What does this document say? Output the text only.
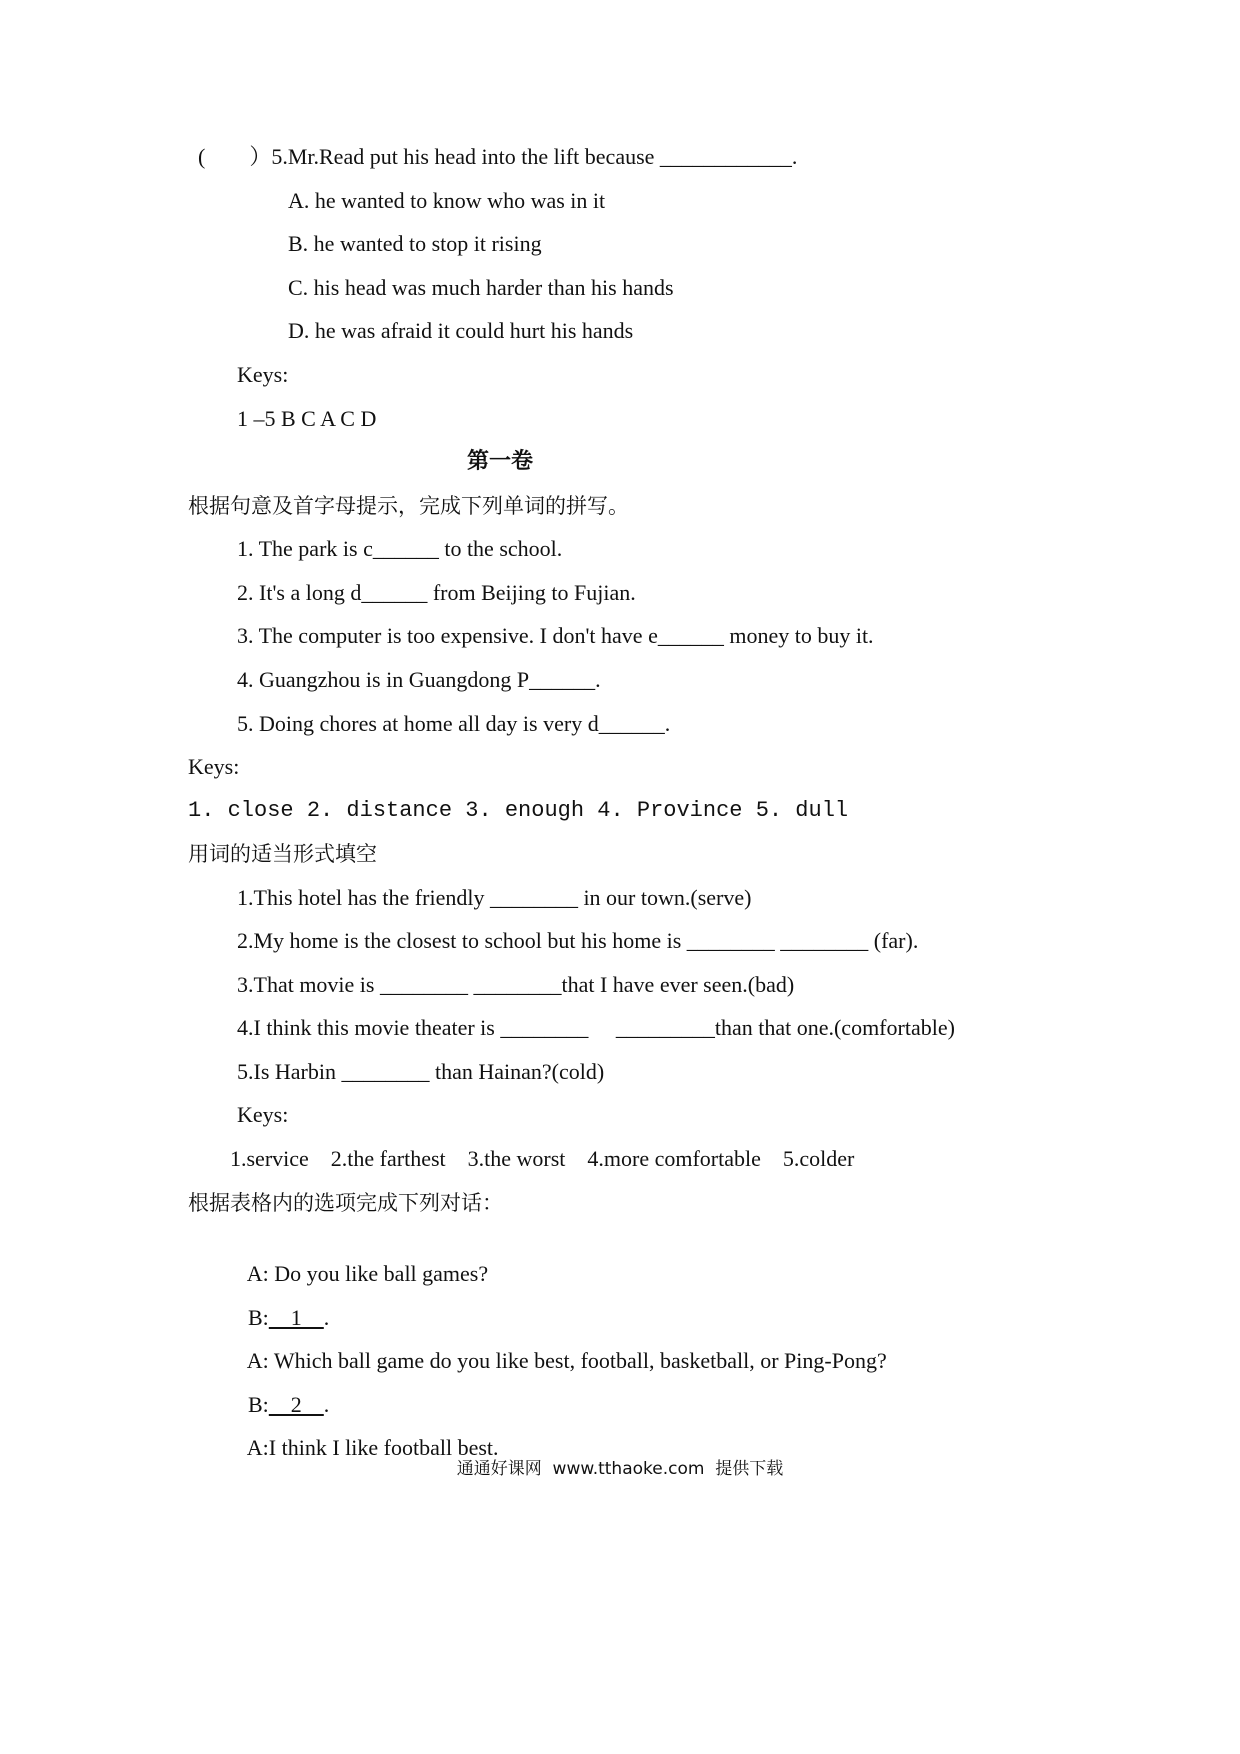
(        ）5.Mr.Read put his head into the lift because ____________.
A. he wanted to know who was in it
B. he wanted to stop it rising
C. his head was much harder than his hands
D. he was afraid it could hurt his hands
Keys:
1 –5 B C A C D
第一卷
根据句意及首字母提示，完成下列单词的拼写。
1. The park is c______ to the school.
2. It's a long d______ from Beijing to Fujian.
3. The computer is too expensive. I don't have e______ money to buy it.
4. Guangzhou is in Guangdong P______.
5. Doing chores at home all day is very d______.
Keys:
1. close 2. distance 3. enough 4. Province 5. dull
用词的适当形式填空
1.This hotel has the friendly ________ in our town.(serve)
2.My home is the closest to school but his home is ________ ________ (far).
3.That movie is ________ ________that I have ever seen.(bad)
4.I think this movie theater is ________     _________than that one.(comfortable)
5.Is Harbin ________ than Hainan?(cold)
Keys:
1.service    2.the farthest    3.the worst    4.more comfortable    5.colder
根据表格内的选项完成下列对话：

A: Do you like ball games?

B:    1    .

A: Which ball game do you like best, football, basketball, or Ping-Pong?

B:    2    .

A:I think I like football best.

通通好课网  www.tthaoke.com  提供下载
